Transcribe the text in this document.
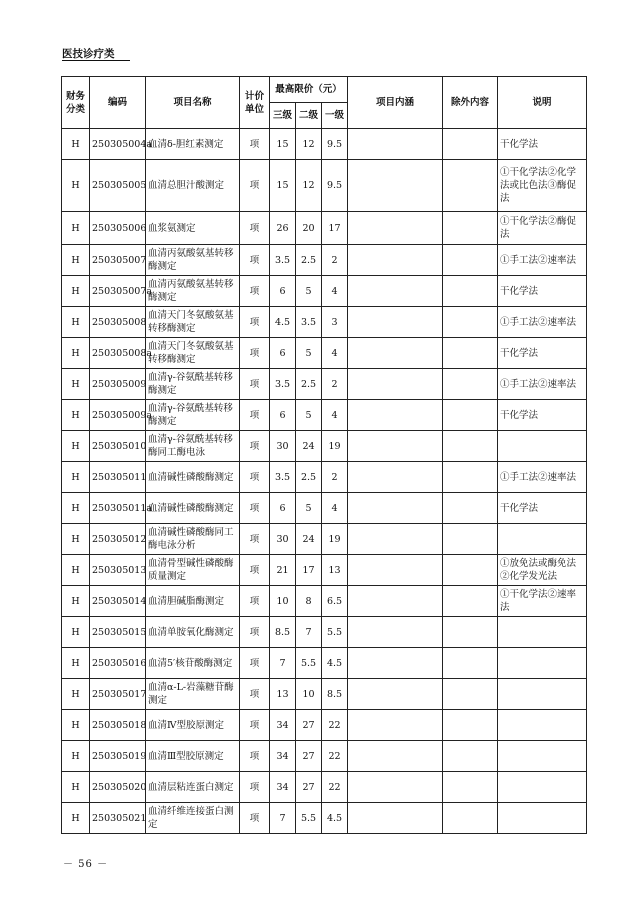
医技诊疗类
财务分类	编码	项目名称	计价单位	最高限价（元）			项目内涵	除外内容	说明
				三级	二级	一级			
H	250305004a	血清δ-胆红素测定	项	15	12	9.5			干化学法
H	250305005	血清总胆汁酸测定	项	15	12	9.5			①干化学法②化学法或比色法③酶促法
H	250305006	血浆氨测定	项	26	20	17			①干化学法②酶促法
H	250305007	血清丙氨酸氨基转移酶测定	项	3.5	2.5	2			①手工法②速率法
H	250305007a	血清丙氨酸氨基转移酶测定	项	6	5	4			干化学法
H	250305008	血清天门冬氨酸氨基转移酶测定	项	4.5	3.5	3			①手工法②速率法
H	250305008a	血清天门冬氨酸氨基转移酶测定	项	6	5	4			干化学法
H	250305009	血清γ-谷氨酰基转移酶测定	项	3.5	2.5	2			①手工法②速率法
H	250305009a	血清γ-谷氨酰基转移酶测定	项	6	5	4			干化学法
H	250305010	血清γ-谷氨酰基转移酶同工酶电泳	项	30	24	19			
H	250305011	血清碱性磷酸酶测定	项	3.5	2.5	2			①手工法②速率法
H	250305011a	血清碱性磷酸酶测定	项	6	5	4			干化学法
H	250305012	血清碱性磷酸酶同工酶电泳分析	项	30	24	19			
H	250305013	血清骨型碱性磷酸酶质量测定	项	21	17	13			①放免法或酶免法②化学发光法
H	250305014	血清胆碱脂酶测定	项	10	8	6.5			①干化学法②速率法
H	250305015	血清单胺氧化酶测定	项	8.5	7	5.5			
H	250305016	血清5′核苷酸酶测定	项	7	5.5	4.5			
H	250305017	血清α-L-岩藻糖苷酶测定	项	13	10	8.5			
H	250305018	血清Ⅳ型胶原测定	项	34	27	22			
H	250305019	血清Ⅲ型胶原测定	项	34	27	22			
H	250305020	血清层粘连蛋白测定	项	34	27	22			
H	250305021	血清纤维连接蛋白测定	项	7	5.5	4.5			
－ 56 －
